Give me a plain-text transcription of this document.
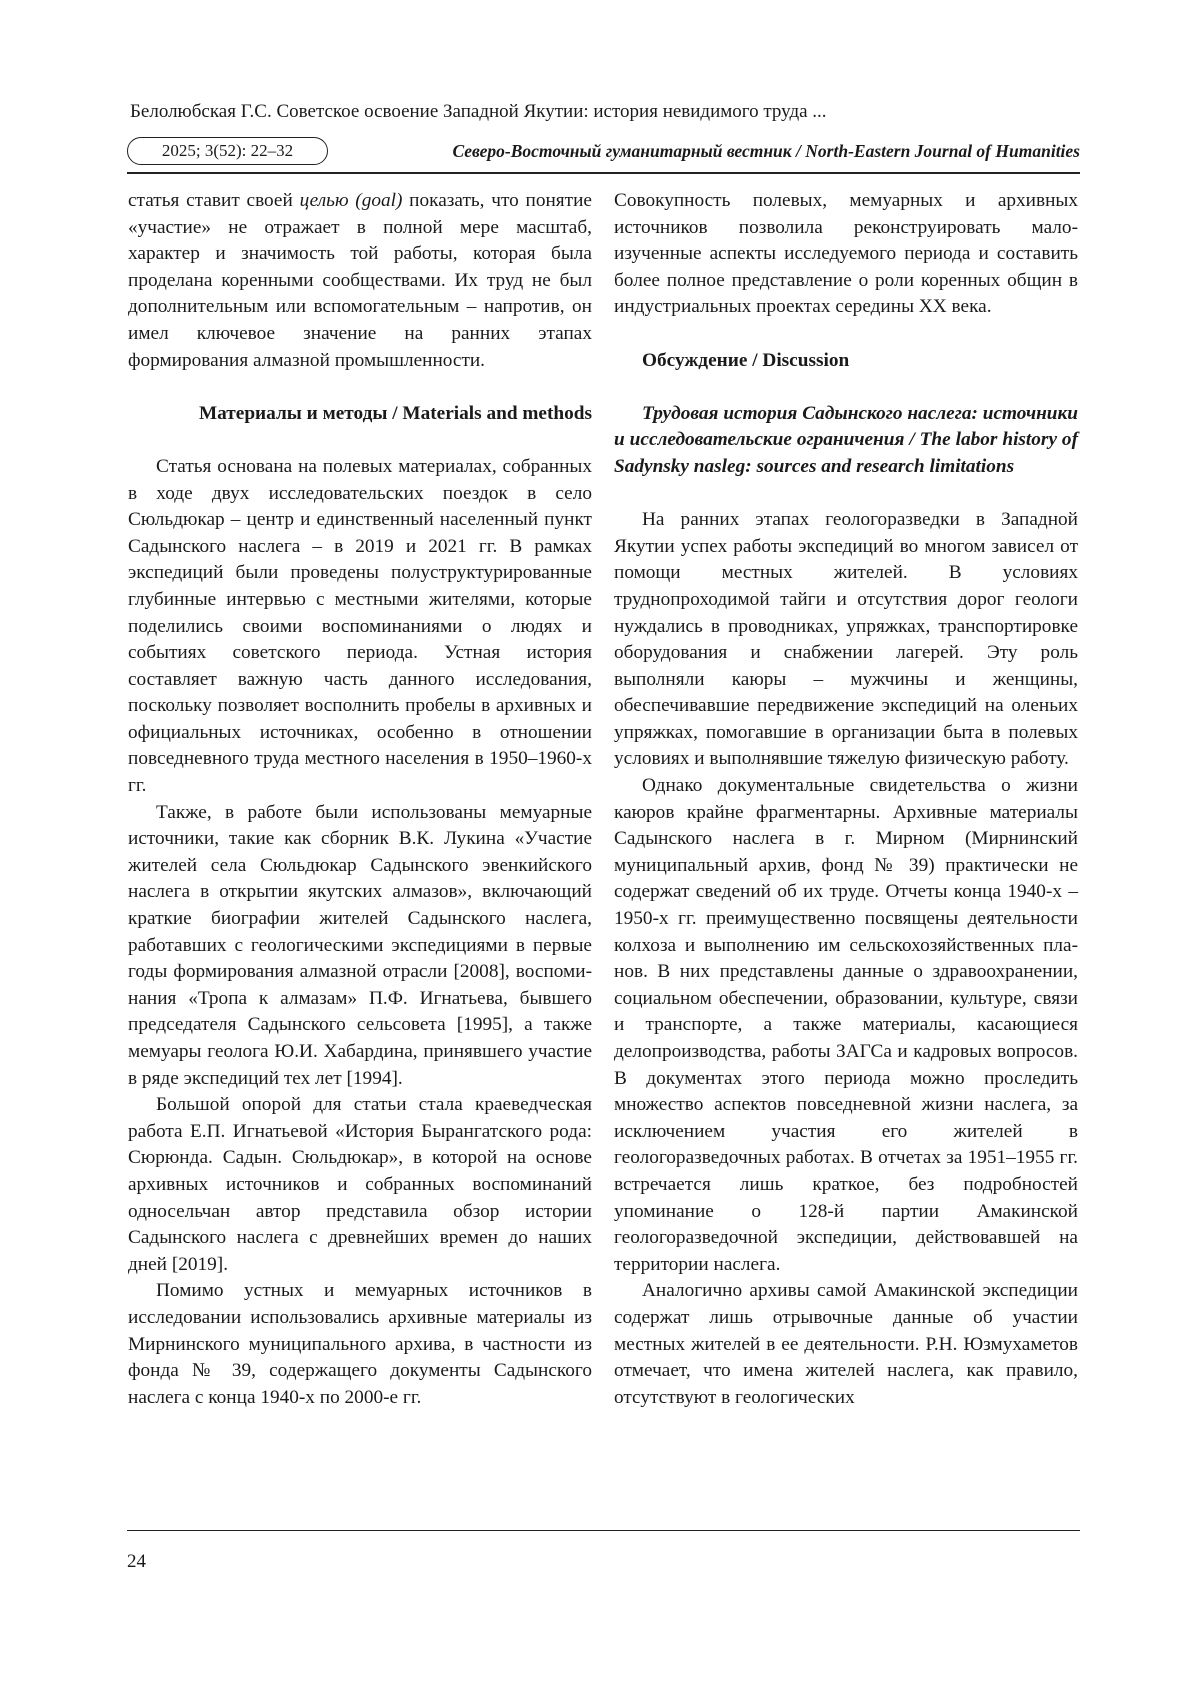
Белолюбская Г.С. Советское освоение Западной Якутии: история невидимого труда ...
2025; 3(52): 22–32	Северо-Восточный гуманитарный вестник / North-Eastern Journal of Humanities

статья ставит своей целью (goal) показать, что понятие «участие» не отражает в полной мере масштаб, характер и значимость той работы, которая была проделана коренными сообществами. Их труд не был дополнительным или вспомогательным – напротив, он имел ключевое значение на ранних этапах формирования алмазной промышленности.

Материалы и методы / Materials and methods

Статья основана на полевых материалах, собранных в ходе двух исследовательских поездок в село Сюльдюкар – центр и единственный населенный пункт Садынского наслега – в 2019 и 2021 гг. В рамках экспедиций были проведены полуструктурированные глубинные интервью с местными жителями, которые поделились своими воспоминаниями о людях и событиях советского периода. Устная история составляет важную часть данного исследования, поскольку позволяет восполнить пробелы в архивных и официальных источниках, особенно в отношении повседневного труда местного населения в 1950–1960-х гг.

Также, в работе были использованы мемуарные источники, такие как сборник В.К. Лукина «Участие жителей села Сюльдюкар Садынского эвенкийского наслега в открытии якутских алмазов», включающий краткие биографии жителей Садынского наслега, работавших с геологическими экспедициями в первые годы формирования алмазной отрасли [2008], воспоминания «Тропа к алмазам» П.Ф. Игнатьева, бывшего председателя Садынского сельсовета [1995], а также мемуары геолога Ю.И. Хабардина, принявшего участие в ряде экспедиций тех лет [1994].

Большой опорой для статьи стала краеведческая работа Е.П. Игнатьевой «История Бырангатского рода: Сюрюнда. Садын. Сюльдюкар», в которой на основе архивных источников и собранных воспоминаний односельчан автор представила обзор истории Садынского наслега с древнейших времен до наших дней [2019].

Помимо устных и мемуарных источников в исследовании использовались архивные материалы из Мирнинского муниципального архива, в частности из фонда № 39, содержащего документы Садынского наслега с конца 1940-х по 2000-е гг.

Совокупность полевых, мемуарных и архивных источников позволила реконструировать малоизученные аспекты исследуемого периода и составить более полное представление о роли коренных общин в индустриальных проектах середины XX века.

Обсуждение / Discussion
Трудовая история Садынского наслега: источники и исследовательские ограничения / The labor history of Sadynsky nasleg: sources and research limitations

На ранних этапах геологоразведки в Западной Якутии успех работы экспедиций во многом зависел от помощи местных жителей. В условиях труднопроходимой тайги и отсутствия дорог геологи нуждались в проводниках, упряжках, транспортировке оборудования и снабжении лагерей. Эту роль выполняли каюры – мужчины и женщины, обеспечивавшие передвижение экспедиций на оленьих упряжках, помогавшие в организации быта в полевых условиях и выполнявшие тяжелую физическую работу.

Однако документальные свидетельства о жизни каюров крайне фрагментарны. Архивные материалы Садынского наслега в г. Мирном (Мирнинский муниципальный архив, фонд № 39) практически не содержат сведений об их труде. Отчеты конца 1940-х – 1950-х гг. преимущественно посвящены деятельности колхоза и выполнению им сельскохозяйственных планов. В них представлены данные о здравоохранении, социальном обеспечении, образовании, культуре, связи и транспорте, а также материалы, касающиеся делопроизводства, работы ЗАГСа и кадровых вопросов. В документах этого периода можно проследить множество аспектов повседневной жизни наслега, за исключением участия его жителей в геологоразведочных работах. В отчетах за 1951–1955 гг. встречается лишь краткое, без подробностей упоминание о 128-й партии Амакинской геологоразведочной экспедиции, действовавшей на территории наслега.

Аналогично архивы самой Амакинской экспедиции содержат лишь отрывочные данные об участии местных жителей в ее деятельности. Р.Н. Юзмухаметов отмечает, что имена жителей наслега, как правило, отсутствуют в геологических

24
